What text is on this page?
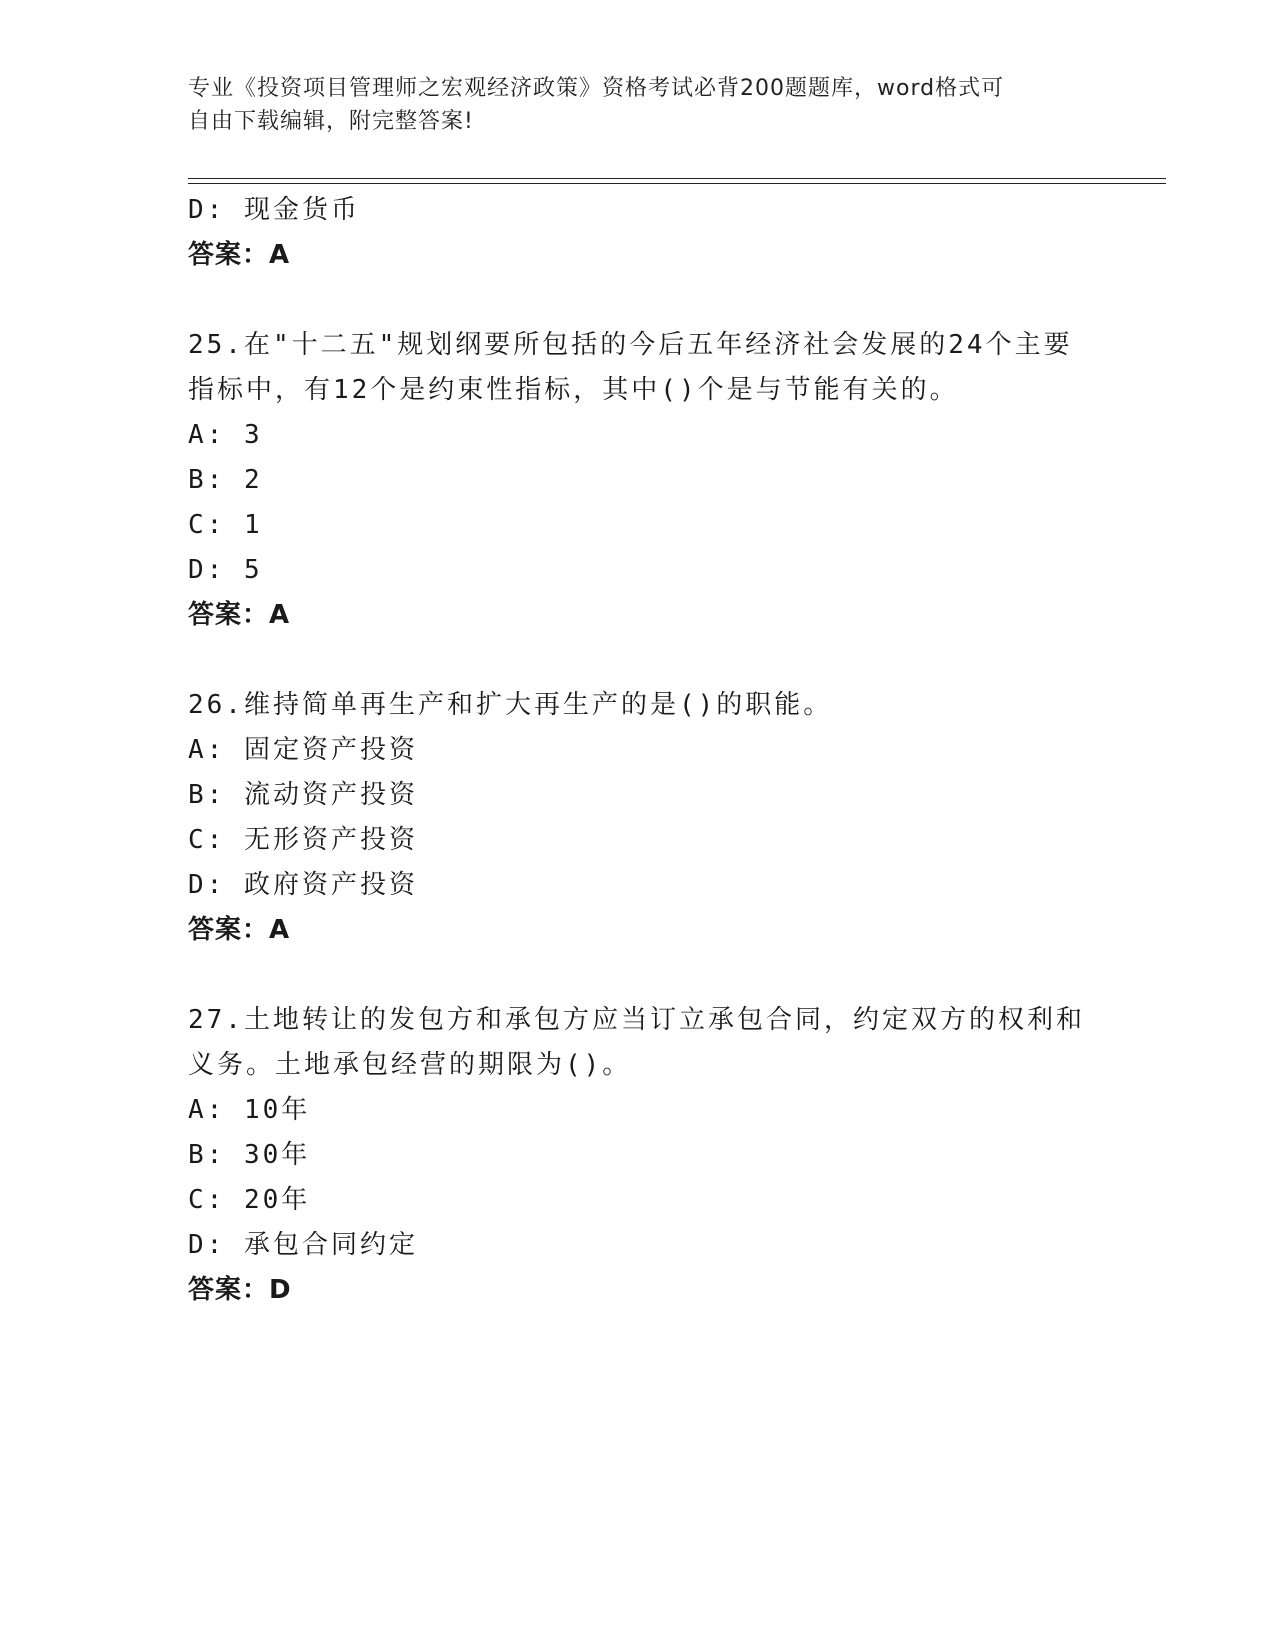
专业《投资项目管理师之宏观经济政策》资格考试必背200题题库，word格式可
自由下载编辑，附完整答案!
D: 现金货币
答案：A
25.在"十二五"规划纲要所包括的今后五年经济社会发展的24个主要
指标中，有12个是约束性指标，其中()个是与节能有关的。
A: 3
B: 2
C: 1
D: 5
答案：A
26.维持简单再生产和扩大再生产的是()的职能。
A: 固定资产投资
B: 流动资产投资
C: 无形资产投资
D: 政府资产投资
答案：A
27.土地转让的发包方和承包方应当订立承包合同，约定双方的权利和
义务。土地承包经营的期限为()。
A: 10年
B: 30年
C: 20年
D: 承包合同约定
答案：D
